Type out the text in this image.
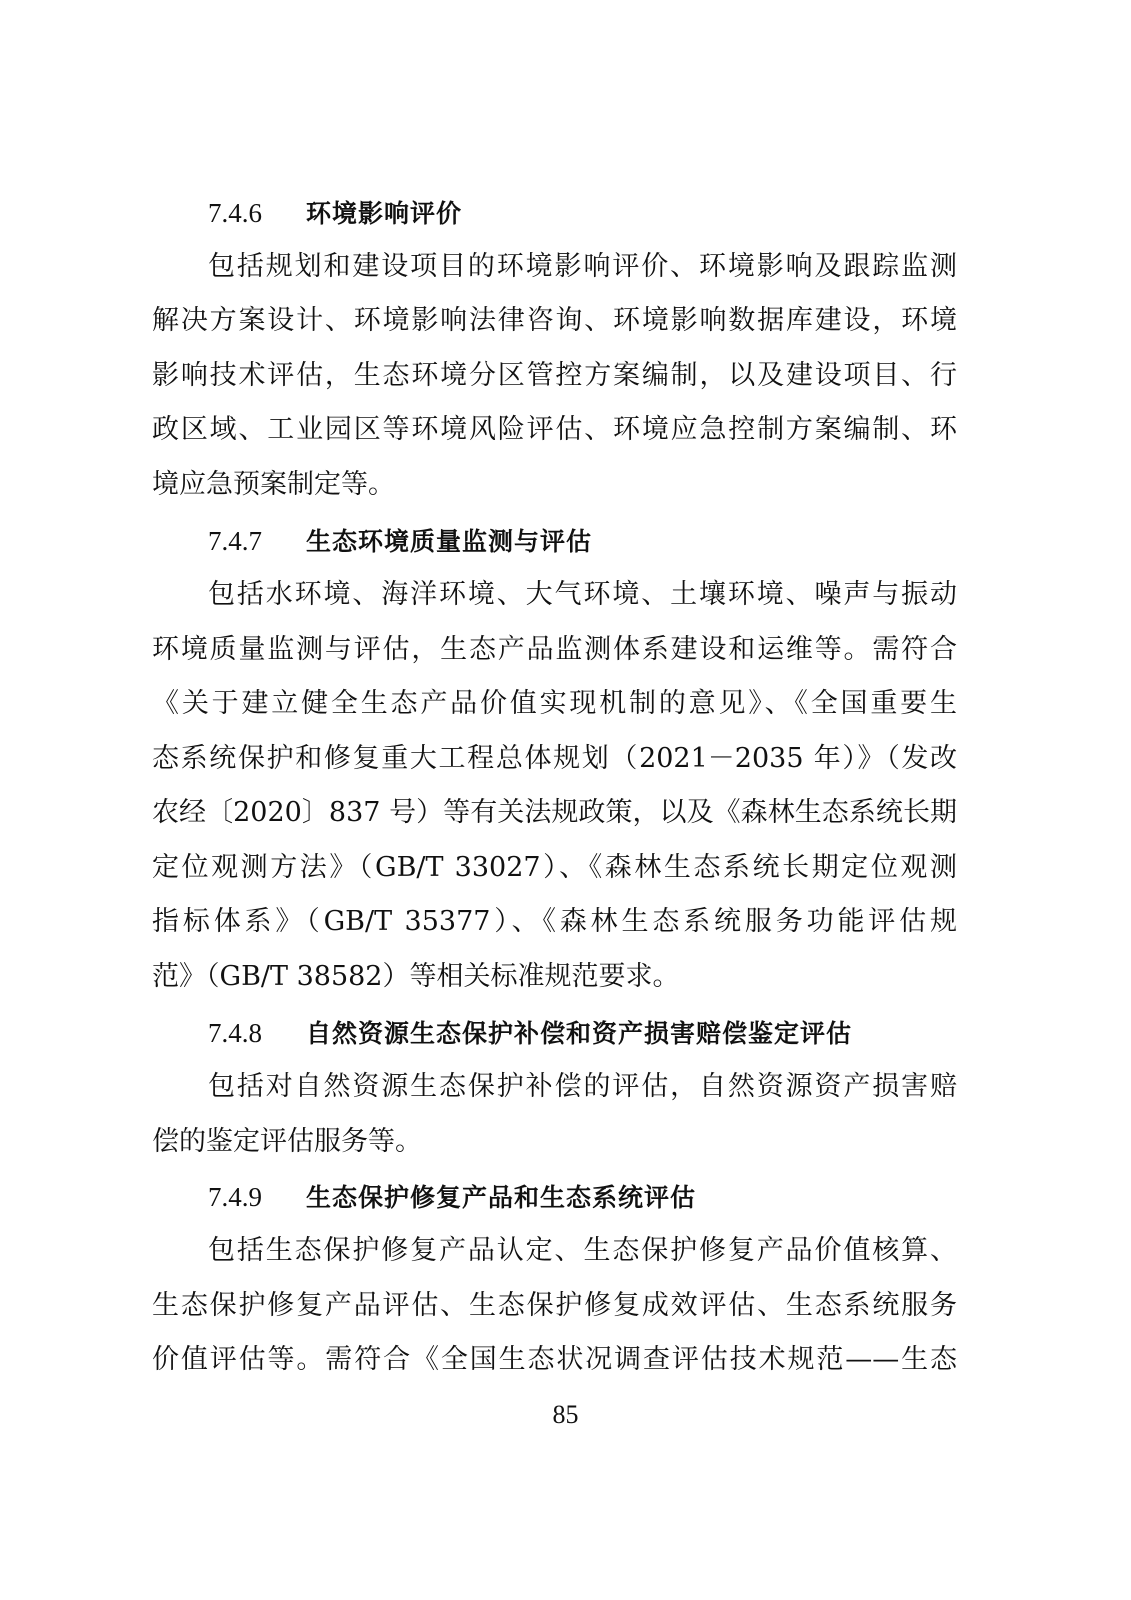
7.4.6 环境影响评价
包括规划和建设项目的环境影响评价、环境影响及跟踪监测
解决方案设计、环境影响法律咨询、环境影响数据库建设，环境
影响技术评估，生态环境分区管控方案编制，以及建设项目、行
政区域、工业园区等环境风险评估、环境应急控制方案编制、环
境应急预案制定等。
7.4.7 生态环境质量监测与评估
包括水环境、海洋环境、大气环境、土壤环境、噪声与振动
环境质量监测与评估，生态产品监测体系建设和运维等。需符合
《关于建立健全生态产品价值实现机制的意见》、《全国重要生
态系统保护和修复重大工程总体规划（2021－2035 年）》（发改
农经〔2020〕837 号）等有关法规政策，以及《森林生态系统长期
定位观测方法》（GB/T 33027）、《森林生态系统长期定位观测
指标体系》（GB/T 35377）、《森林生态系统服务功能评估规
范》（GB/T 38582）等相关标准规范要求。
7.4.8 自然资源生态保护补偿和资产损害赔偿鉴定评估
包括对自然资源生态保护补偿的评估，自然资源资产损害赔
偿的鉴定评估服务等。
7.4.9 生态保护修复产品和生态系统评估
包括生态保护修复产品认定、生态保护修复产品价值核算、
生态保护修复产品评估、生态保护修复成效评估、生态系统服务
价值评估等。需符合《全国生态状况调查评估技术规范——生态
85
